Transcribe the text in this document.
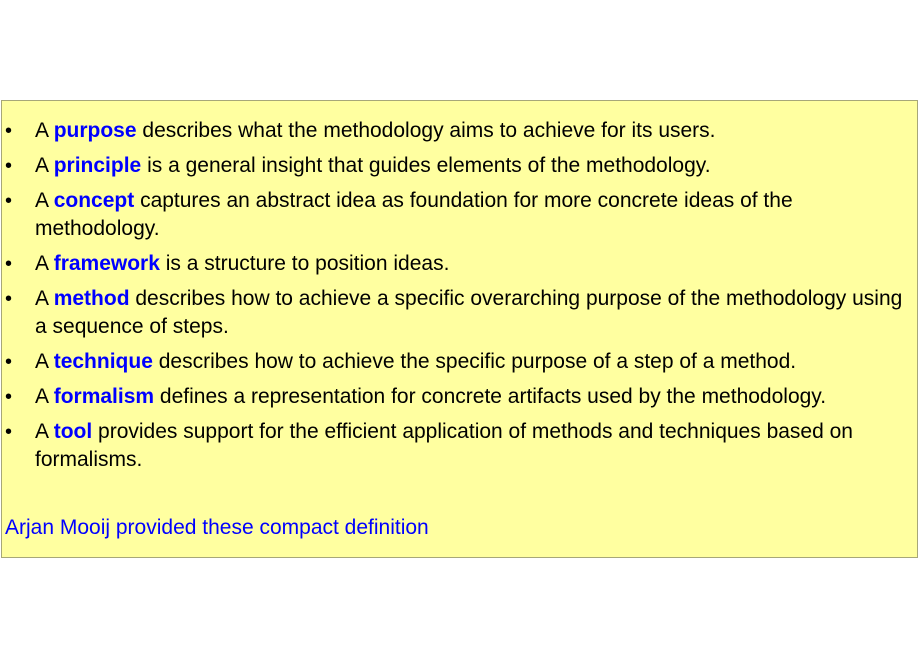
•	A purpose describes what the methodology aims to achieve for its users.
•	A principle is a general insight that guides elements of the methodology.
•	A concept captures an abstract idea as foundation for more concrete ideas of the methodology.
•	A framework is a structure to position ideas.
•	A method describes how to achieve a specific overarching purpose of the methodology using a sequence of steps.
•	A technique describes how to achieve the specific purpose of a step of a method.
•	A formalism defines a representation for concrete artifacts used by the methodology.
•	A tool provides support for the efficient application of methods and techniques based on formalisms.
Arjan Mooij provided these compact definition
